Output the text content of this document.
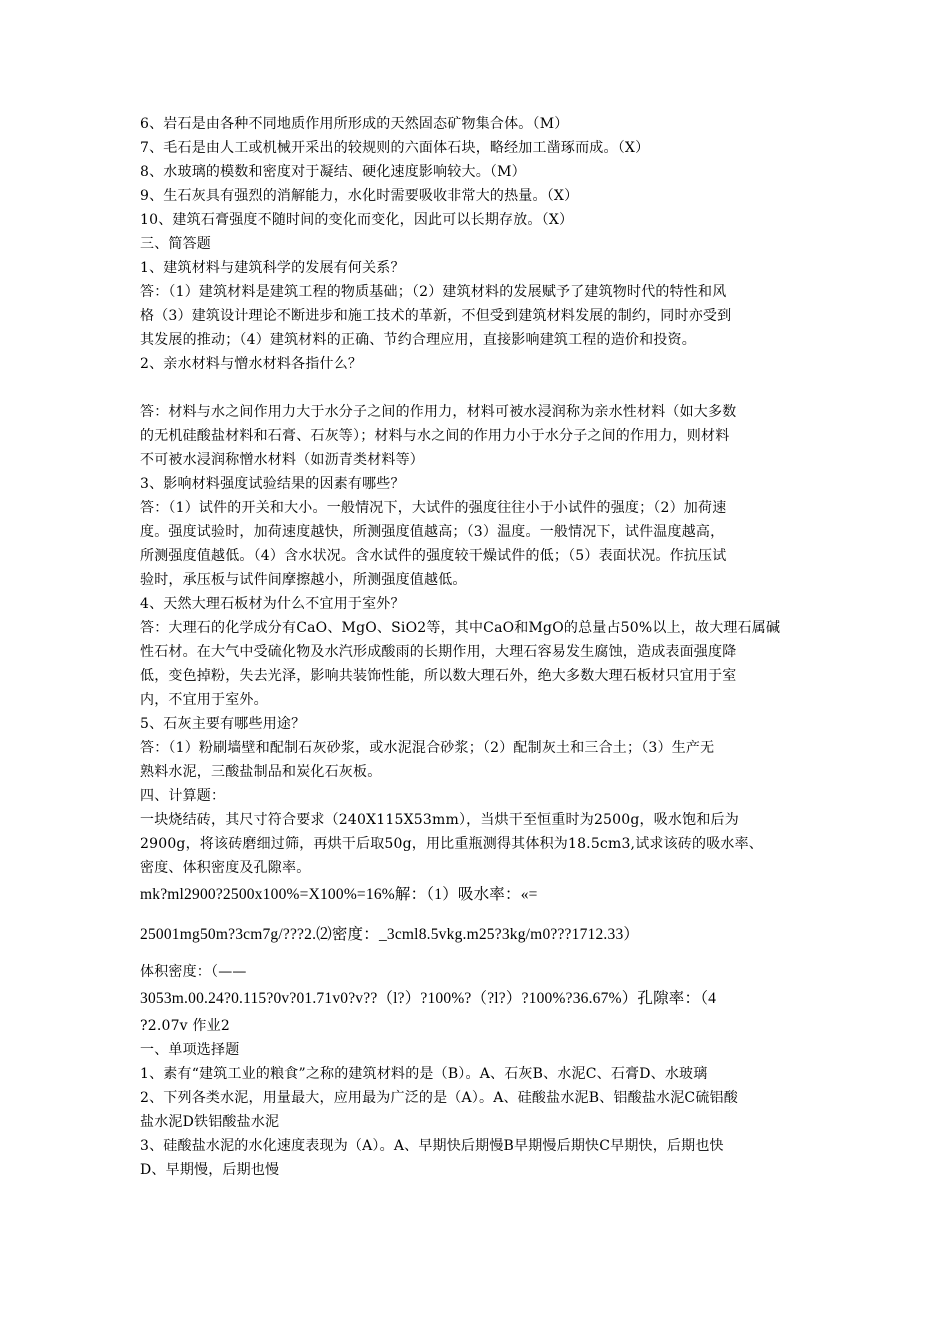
6、岩石是由各种不同地质作用所形成的天然固态矿物集合体。（M）
7、毛石是由人工或机械开采出的较规则的六面体石块，略经加工凿琢而成。（X）
8、水玻璃的模数和密度对于凝结、硬化速度影响较大。（M）
9、生石灰具有强烈的消解能力，水化时需要吸收非常大的热量。（X）
10、建筑石膏强度不随时间的变化而变化，因此可以长期存放。（X）
三、简答题
1、建筑材料与建筑科学的发展有何关系？
答：（1）建筑材料是建筑工程的物质基础；（2）建筑材料的发展赋予了建筑物时代的特性和风
格（3）建筑设计理论不断进步和施工技术的革新，不但受到建筑材料发展的制约，同时亦受到
其发展的推动；（4）建筑材料的正确、节约合理应用，直接影响建筑工程的造价和投资。
2、亲水材料与憎水材料各指什么？
答：材料与水之间作用力大于水分子之间的作用力，材料可被水浸润称为亲水性材料（如大多数
的无机硅酸盐材料和石膏、石灰等）；材料与水之间的作用力小于水分子之间的作用力，则材料
不可被水浸润称憎水材料（如沥青类材料等）
3、影响材料强度试验结果的因素有哪些？
答：（1）试件的开关和大小。一般情况下，大试件的强度往往小于小试件的强度；（2）加荷速
度。强度试验时，加荷速度越快，所测强度值越高；（3）温度。一般情况下，试件温度越高，
所测强度值越低。（4）含水状况。含水试件的强度较干燥试件的低；（5）表面状况。作抗压试
验时，承压板与试件间摩擦越小，所测强度值越低。
4、天然大理石板材为什么不宜用于室外？
答：大理石的化学成分有CaO、MgO、SiO2等，其中CaO和MgO的总量占50%以上，故大理石属碱
性石材。在大气中受硫化物及水汽形成酸雨的长期作用，大理石容易发生腐蚀，造成表面强度降
低，变色掉粉，失去光泽，影响共装饰性能，所以数大理石外，绝大多数大理石板材只宜用于室
内，不宜用于室外。
5、石灰主要有哪些用途？
答：（1）粉刷墙壁和配制石灰砂浆，或水泥混合砂浆；（2）配制灰土和三合土；（3）生产无
熟料水泥，三酸盐制品和炭化石灰板。
四、计算题：
一块烧结砖，其尺寸符合要求（240X115X53mm），当烘干至恒重时为2500g，吸水饱和后为
2900g，将该砖磨细过筛，再烘干后取50g，用比重瓶测得其体积为18.5cm3,试求该砖的吸水率、
密度、体积密度及孔隙率。
mk?ml2900?2500x100%=X100%=16%解：（1）吸水率：«=
25001mg50m?3cm7g/???2.⑵密度：_3cml8.5vkg.m25?3kg/m0???1712.33）
体积密度：（——
3053m.00.24?0.115?0v?01.71v0?v??（l?）?100%?（?l?）?100%?36.67%）孔隙率：（4
?2.07v 作业2
一、单项选择题
1、素有“建筑工业的粮食”之称的建筑材料的是（B）。A、石灰B、水泥C、石膏D、水玻璃
2、下列各类水泥，用量最大，应用最为广泛的是（A）。A、硅酸盐水泥B、铝酸盐水泥C硫铝酸
盐水泥D铁铝酸盐水泥
3、硅酸盐水泥的水化速度表现为（A）。A、早期快后期慢B早期慢后期快C早期快，后期也快
D、早期慢，后期也慢
